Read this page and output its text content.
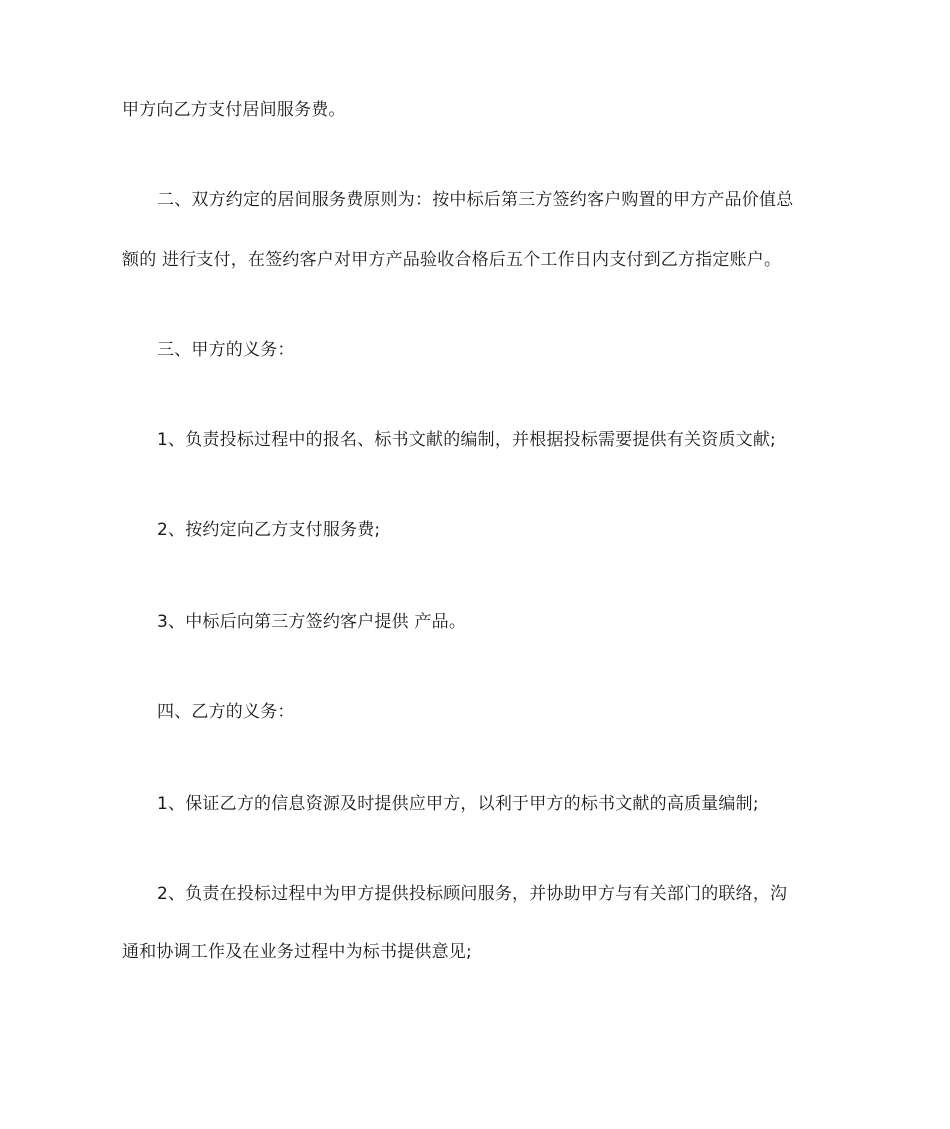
甲方向乙方支付居间服务费。
二、双方约定的居间服务费原则为：按中标后第三方签约客户购置的甲方产品价值总
额的 进行支付，在签约客户对甲方产品验收合格后五个工作日内支付到乙方指定账户。
三、甲方的义务：
1、负责投标过程中的报名、标书文献的编制，并根据投标需要提供有关资质文献;
2、按约定向乙方支付服务费;
3、中标后向第三方签约客户提供 产品。
四、乙方的义务：
1、保证乙方的信息资源及时提供应甲方，以利于甲方的标书文献的高质量编制;
2、负责在投标过程中为甲方提供投标顾问服务，并协助甲方与有关部门的联络，沟
通和协调工作及在业务过程中为标书提供意见;
